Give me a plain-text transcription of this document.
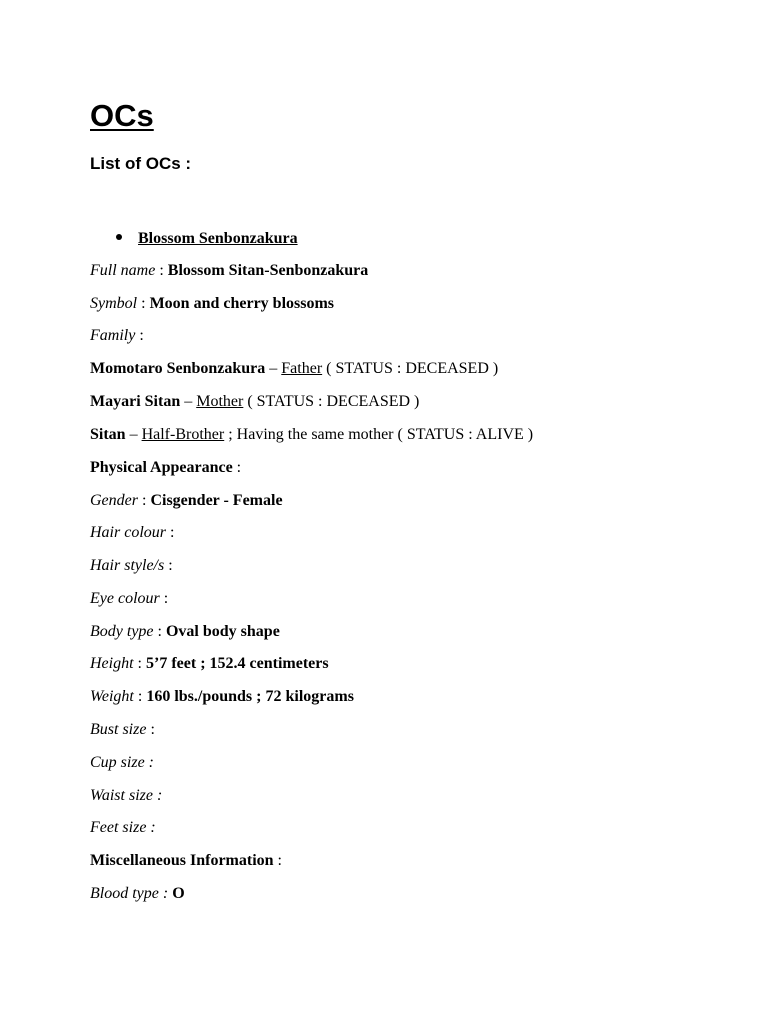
OCs
List of OCs :
Blossom Senbonzakura
Full name : Blossom Sitan-Senbonzakura
Symbol : Moon and cherry blossoms
Family :
Momotaro Senbonzakura – Father ( STATUS : DECEASED )
Mayari Sitan – Mother ( STATUS : DECEASED )
Sitan – Half-Brother ; Having the same mother ( STATUS : ALIVE )
Physical Appearance :
Gender : Cisgender - Female
Hair colour :
Hair style/s :
Eye colour :
Body type : Oval body shape
Height : 5’7 feet ; 152.4 centimeters
Weight : 160 lbs./pounds ; 72 kilograms
Bust size :
Cup size :
Waist size :
Feet size :
Miscellaneous Information :
Blood type : O
